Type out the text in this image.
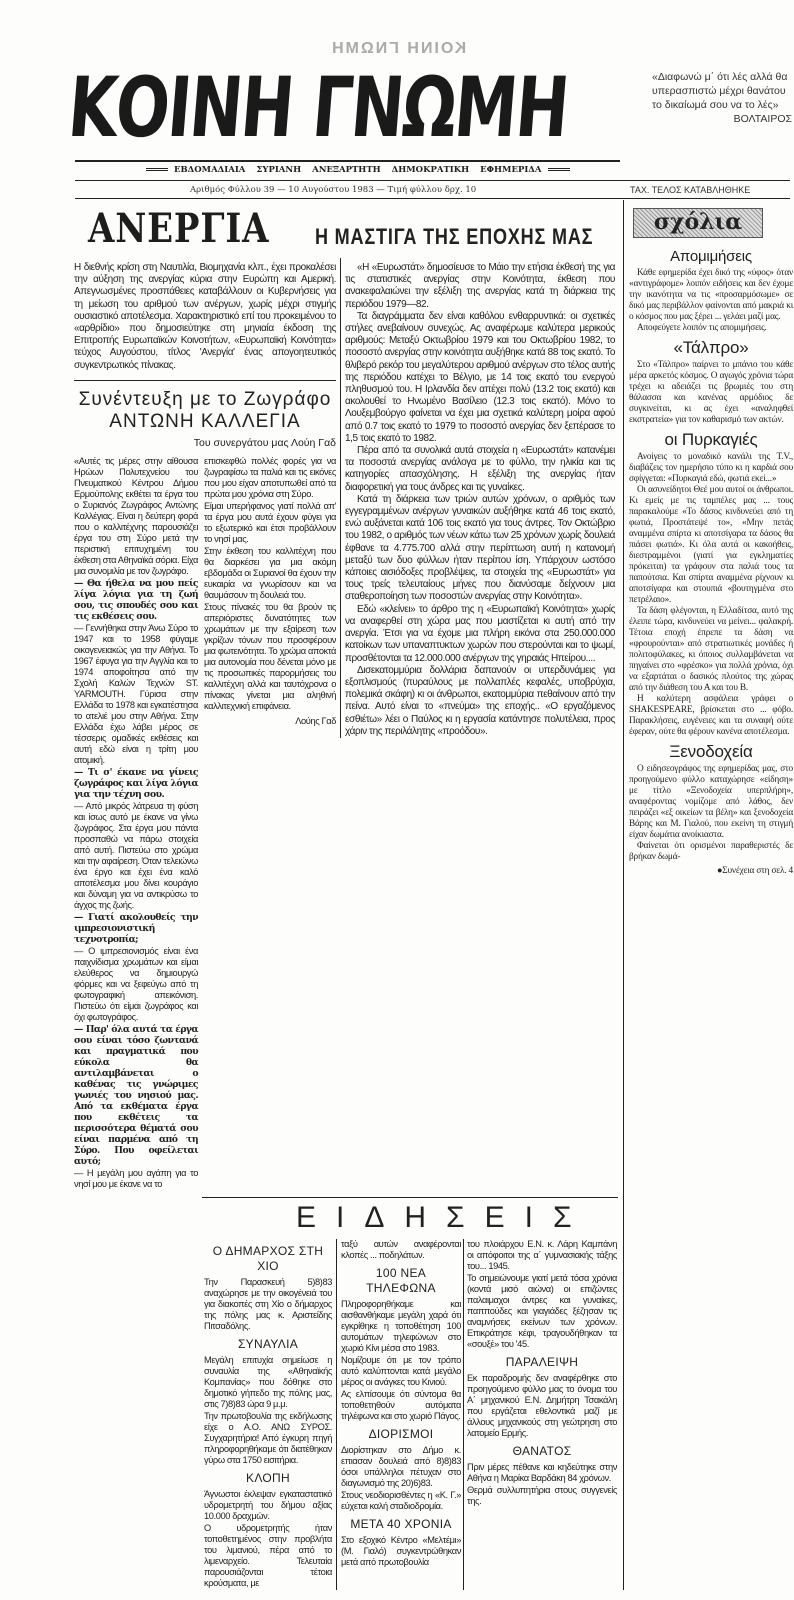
ΚΟΙΝΗ ΓΝΩΜΗ
ΚΟΙΝΗ ΓΝΩΜΗ	«Διαφωνώ μ΄ ότι λές αλλά θα υπερασπιστώ μέχρι θανάτου το δικαίωμά σου να το λές»
ΒΟΛΤΑΙΡΟΣ
ΕΒΔΟΜΑΔΙΑΙΑ ΣΥΡΙΑΝΗ ΑΝΕΞΑΡΤΗΤΗ ΔΗΜΟΚΡΑΤΙΚΗ ΕΦΗΜΕΡΙΔΑ
Αριθμός Φύλλου 39 — 10 Αυγούστου 1983 — Τιμή φύλλου δρχ. 10	ΤΑΧ. ΤΕΛΟΣ ΚΑΤΑΒΛΗΘΗΚΕ
ΑΝΕΡΓΙΑ Η ΜΑΣΤΙΓΑ ΤΗΣ ΕΠΟΧΗΣ ΜΑΣ

Η διεθνής κρίση στη Ναυτιλία, Βιομηχανία κλπ., έχει προκαλέσει την αύξηση της ανεργίας κύρια στην Ευρώπη και Αμερική. Απεγνωσμένες προσπάθειες καταβάλλουν οι Κυβερνήσεις για τη μείωση του αριθμού των ανέργων, χωρίς μέχρι στιγμής ουσιαστικό αποτέλεσμα. Χαρακτηριστικό επί του προκειμένου το «αρθρίδιο» που δημοσιεύτηκε στη μηνιαία έκδοση της Επιτροπής Ευρωπαϊκών Κοινοτήτων, «Ευρωπαϊκή Κοινότητα» τεύχος Αυγούστου, τίτλος 'Ανεργία' ένας απογοητευτικός συγκεντρωτικός πίνακας.

Συνέντευξη με το Ζωγράφο
ΑΝΤΩΝΗ ΚΑΛΛΕΓΙΑ
Του συνεργάτου μας Λούη Γαδ

«Αυτές τις μέρες στην αίθουσα Ηρώων Πολυτεχνείου του Πνευματικού Κέντρου Δήμου Ερμούπολης εκθέτει τα έργα του ο Συριανός Ζωγράφος Αντώνης Καλλέγιας. Είναι η δεύτερη φορά που ο καλλιτέχνης παρουσιάζει έργα του στη Σύρο μετά την περιστική επιτυχημένη του έκθεση στα Αθηναϊκά σόρια. Είχα μια συνομιλία με τον ζωγράφο.

— Θα ήθελα να μου πείς λίγα λόγια για τη ζωή σου, τις σπουδές σου και τις εκθέσεις σου.

— Γεννήθηκα στην Άνω Σύρο το 1947 και το 1958 φύγαμε οικογενειακώς για την Αθήνα. Το 1967 έφυγα για την Αγγλία και το 1974 αποφοίτησα από την Σχολή Καλών Τεχνών ST. YARMOUTH. Γύρισα στην Ελλάδα το 1978 και εγκατέστησα το ατελιέ μου στην Αθήνα. Στην Ελλάδα έχω λάβει μέρος σε τέσσερις ομαδικές εκθέσεις και αυτή εδώ είναι η τρίτη μου ατομική.

— Τι σ' έκανε να γίνεις ζωγράφος και λίγα λόγια για την τέχνη σου.

— Από μικρός λάτρευα τη φύση και ίσως αυτό με έκανε να γίνω ζωγράφος. Στα έργα μου πάντα προσπαθώ να πάρω στοιχεία από αυτή. Πιστεύω στο χρώμα και την αφαίρεση. Όταν τελειώνω ένα έργο και έχει ένα καλό αποτέλεσμα μου δίνει κουράγιο και δύναμη για να αντικρύσω το άγχος της ζωής.

— Γιατί ακολουθείς την ιμπρεσιονιστική τεχνοτροπία;

— Ο ιμπρεσιονισμός είναι ένα παιχνίδισμα χρωμάτων και είμαι ελεύθερος να δημιουργώ φόρμες και να ξεφεύγω από τη φωτογραφική απεικόνιση. Πιστεύω ότι είμαι ζωγράφος και όχι φωτογράφος.

— Παρ' όλα αυτά τα έργα σου είναι τόσο ζωντανά και πραγματικά που εύκολα θα αντιλαμβάνεται ο καθένας τις γνώριμες γωνιές του νησιού μας. Από τα εκθέματα έργα που εκθέτεις τα περισσότερα θέματά σου είναι παρμένα από τη Σύρο. Που οφείλεται αυτό;

— Η μεγάλη μου αγάπη για το νησί μου με έκανε να το

επισκεφθώ πολλές φορές για να ζωγραφίσω τα παλιά και τις εικόνες που μου είχαν αποτυπωθεί από τα πρώτα μου χρόνια στη Σύρο.

Είμαι υπερήφανος γιατί πολλά απ' τα έργα μου αυτά έχουν φύγει για το εξωτερικό και έτσι προβάλλουν το νησί μας.

Στην έκθεση του καλλιτέχνη που θα διαρκέσει για μια ακόμη εβδομάδα οι Συριανοί θα έχουν την ευκαιρία να γνωρίσουν και να θαυμάσουν τη δουλειά του.

Στους πίνακές του θα βρούν τις απεριόριστες δυνατότητες των χρωμάτων με την εξαίρεση των γκρίζων τόνων που προσφέρουν μια φωτεινότητα. Το χρώμα αποκτά μια αυτονομία που δένεται μόνο με τις προσωπικές παρορμήσεις του καλλιτέχνη αλλά και ταυτόχρονα ο πίνακας γίνεται μια αληθινή καλλιτεχνική επιφάνεια.

Λούης Γαδ

«Η «Ευρωστάτ» δημοσίευσε το Μάιο την ετήσια έκθεσή της για τις στατιστικές ανεργίας στην Κοινότητα, έκθεση που ανακεφαλαιώνει την εξέλιξη της ανεργίας κατά τη διάρκεια της περιόδου 1979—82.

Τα διαγράμματα δεν είναι καθόλου ενθαρρυντικά: οι σχετικές στήλες ανεβαίνουν συνεχώς. Ας αναφέρωμε καλύτερα μερικούς αριθμούς: Μεταξύ Οκτωβρίου 1979 και του Οκτωβρίου 1982, το ποσοστό ανεργίας στην κοινότητα αυξήθηκε κατά 88 τοις εκατό. Το θλιβερό ρεκόρ του μεγαλύτερου αριθμού ανέργων στο τέλος αυτής της περιόδου κατέχει το Βέλγιο, με 14 τοις εκατό του ενεργού πληθυσμού του. Η Ιρλανδία δεν απέχει πολύ (13.2 τοις εκατό) και ακολουθεί το Ηνωμένο Βασίλειο (12.3 τοις εκατό). Μόνο το Λουξεμβούργο φαίνεται να έχει μια σχετικά καλύτερη μοίρα αφού από 0.7 τοις εκατό το 1979 το ποσοστό ανεργίας δεν ξεπέρασε το 1,5 τοις εκατό το 1982.

Πέρα από τα συνολικά αυτά στοιχεία η «Ευρωστάτ» κατανέμει τα ποσοστά ανεργίας ανάλογα με το φύλλο, την ηλικία και τις κατηγορίες απασχόλησης. Η εξέλιξη της ανεργίας ήταν διαφορετική για τους άνδρες και τις γυναίκες.

Κατά τη διάρκεια των τριών αυτών χρόνων, ο αριθμός των εγγεγραμμένων ανέργων γυναικών αυξήθηκε κατά 46 τοις εκατό, ενώ αυξάνεται κατά 106 τοις εκατό για τους άντρες. Τον Οκτώβριο του 1982, ο αριθμός των νέων κάτω των 25 χρόνων χωρίς δουλειά έφθανε τα 4.775.700 αλλά στην περίπτωση αυτή η κατανομή μεταξύ των δυο φύλλων ήταν περίπου ίση. Υπάρχουν ωστόσο κάποιες αισιόδοξες προβλέψεις, τα στοιχεία της «Ευρωστάτ» για τους τρείς τελευταίους μήνες που διανύσαμε δείχνουν μια σταθεροποίηση των ποσοστών ανεργίας στην Κοινότητα».

Εδώ «κλείνει» το άρθρο της η «Ευρωπαϊκή Κοινότητα» χωρίς να αναφερθεί στη χώρα μας που μαστίζεται κι αυτή από την ανεργία. Έτσι για να έχομε μια πλήρη εικόνα στα 250.000.000 κατοίκων των υπαναπτυκτων χωρών που στερούνται και το ψωμί, προσθέτονται τα 12.000.000 ανέργων της γηραιάς Ηπείρου....

Δισεκατομμύρια δολλάρια δαπανούν οι υπερδυνάμεις για εξοπλισμούς (πυραύλους με πολλαπλές κεφαλές, υποβρύχια, πολεμικά σκάφη) κι οι άνθρωποι, εκατομμύρια πεθαίνουν από την πείνα. Αυτό είναι το «πνεύμα» της εποχής.. «Ο εργαζόμενος εσθιέτω» λέει ο Παύλος κι η εργασία κατάντησε πολυτέλεια, προς χάριν της περιλάλητης «προόδου».

ΕΙΔΗΣΕΙΣ
Ο ΔΗΜΑΡΧΟΣ ΣΤΗ ΧΙΟ

Την Παρασκευή 5)8)83 αναχώρησε με την οικογένειά του για διακοπές στη Χίο ο δήμαρχος της πόλης μας κ. Αριστείδης Πιτσαδόλης.

ΣΥΝΑΥΛΙΑ

Μεγάλη επιτυχία σημείωσε η συναυλία της «Αθηναϊκής Κομπανίας» που δόθηκε στο δημοτικό γήπεδο της πόλης μας, στις 7)8)83 ώρα 9 μ.μ.

Την πρωτοβουλία της εκδήλωσης είχε ο Α.Ο. ΑΝΩ ΣΥΡΟΣ. Συγχαρητήρια! Από έγκυρη πηγή πληροφορηθήκαμε ότι διατέθηκαν γύρω στα 1750 εισιτήρια.

ΚΛΟΠΗ

Άγνωστοι έκλεψαν εγκαταστατικό υδρομετρητή του δήμου αξίας 10.000 δραχμών.

Ο υδρομετρητής ήταν τοποθετημένος στην προβλήτα του λιμανιού, πέρα από το λιμεναρχείο. Τελευταία παρουσιάζονται τέτοια κρούσματα, με

ταξύ αυτών αναφέρονται κλοπές ... ποδηλάτων.

100 ΝΕΑ ΤΗΛΕΦΩΝΑ

Πληροφορηθήκαμε και αισθανθήκαμε μεγάλη χαρά ότι εγκρίθηκε η τοποθέτηση 100 αυτομάτων τηλεφώνων στο χωριό Κίνι μέσα στο 1983.

Νομίζουμε ότι με τον τρόπο αυτό καλύπτονται κατά μεγάλο μέρος οι ανάγκες του Κινιού.

Ας ελπίσουμε ότι σύντομα θα τοποθετηθούν αυτόματα τηλέφωνα και στο χωριό Πάγος.

ΔΙΟΡΙΣΜΟΙ

Διορίστηκαν στο Δήμο κ. επιασαν δουλειά από 8)8)83 όσοι υπάλληλοι πέτυχαν στο διαγωνισμό της 20)6)83.

Στους νεοδιορισθέντες η «Κ. Γ.» εύχεται καλή σταδιοδρομία.

ΜΕΤΑ 40 ΧΡΟΝΙΑ

Στο εξοχικό Κέντρο «Μελτέμι» (Μ. Γιαλό) συγκεντρώθηκαν μετά από πρωτοβουλία

του πλοιάρχου Ε.Ν. κ. Λάρη Καμπάνη οι απόφοιτοι της α΄ γυμνασιακής τάξης του... 1945.

Το σημειώνουμε γιατί μετά τόσα χρόνια (κοντά μισό αιώνα) οι επιζώντες παλαιμαχοι άντρες και γυναίκες, παππούδες και γιαγιάδες ξέζησαν τις αναμνήσεις εκείνων των χρόνων. Επικράτησε κέφι, τραγουδήθηκαν τα «σουξέ» του '45.

ΠΑΡΑΛΕΙΨΗ

Εκ παραδρομής δεν αναφέρθηκε στο προηγούμενο φύλλο μας το όνομα του Α΄ μηχανικού Ε.Ν. Δημήτρη Τσακάλη που εργάζεται εθελοντικά μαζί με άλλους μηχανικούς στη γεώτρηση στο λατομείο Ερμής.

ΘΑΝΑΤΟΣ

Πριν μέρες πέθανε και κηδεύτηκε στην Αθήνα η Μαρίκα Βαρδάκη 84 χρόνων.

Θερμά συλλυπητήρια στους συγγενείς της.

σχόλια
Απομιμήσεις

Κάθε εφημερίδα έχει δικό της «ύφος» όταν «αντιγράφομε» λοιπόν ειδήσεις και δεν έχομε την ικανότητα να τις «προσαρμόσωμε» σε δικό μας περιβάλλον φαίνονται από μακριά κι ο κόσμος που μας ξέρει ... γελάει μαζί μας.

Αποφεύγετε λοιπόν τις απομιμήσεις.

«Τάλπρο»

Στο «Τάλπρο» παίρνει το μπάνιο του κάθε μέρα αρκετός κόσμος. Ο αγωγός χρόνια τώρα τρέχει κι αδειάζει τις βρωμιές του στη θάλασσα και κανένας αρμόδιος δε συγκινείται, κι ας έχει «αναληφθεί εκστρατεία» για τον καθαρισμό των ακτών.

οι Πυρκαγιές

Ανοίγεις το μοναδικό κανάλι της T.V., διαβάζεις τον ημερήσιο τύπο κι η καρδιά σου σφίγγεται: «Πυρκαγιά εδώ, φωτιά εκεί...»

Οι ασυνείδητοι Θεέ μου αυτοί οι άνθρωποι. Κι εμείς με τις ταμπέλες μας ... τους παρακαλούμε «Το δάσος κινδυνεύει από τη φωτιά, Προστάτεψέ το», «Μην πετάς αναμμένα σπίρτα κι αποτσίγαρα τα δάσος θα πιάσει φωτιά». Κι όλα αυτά οι κακοήθεις, διεστραμμένοι (γιατί για εγκληματίες πρόκειται) τα γράφουν στα παλιά τους τα παπούτσια. Και σπίρτα αναμμένα ρίχνουν κι αποτσίγαρα και στουπιά «βουτηγμένα στο πετρέλαιο».

Τα δάση φλέγονται, η Ελλαδίτσα, αυτό της έλειπε τώρα, κινδυνεύει να μείνει... φαλακρή. Τέτοια εποχή έπρεπε τα δάση να «φρουρούνται» από στρατιωτικές μονάδες ή πολιτοφύλακες, κι όποιος συλλαμβάνεται να πηγαίνει στο «φρέσκο» για πολλά χρόνια, όχι να εξαρτάται ο δασικός πλούτος της χώρας από την διάθεση του Α και του Β.

Η καλύτερη ασφάλεια γράφει ο SHAKESPEARE, βρίσκεται στο ... φόβο. Παρακλήσεις, ευγένειες και τα συναφή ούτε έφεραν, ούτε θα φέρουν κανένα αποτέλεσμα.

Ξενοδοχεία

Ο ειδησεογράφος της εφημερίδας μας, στο προηγούμενο φύλλο καταχώρησε «είδηση» με τίτλο «Ξενοδοχεία υπερπλήρη», αναφέροντας νομίζομε από λάθος, δεν πειράζει «εξ οικείων τα βέλη» και ξενοδοχεία Βάρης και Μ. Γιαλού, που εκείνη τη στιγμή είχαν δωμάτια ανοίκιαστα.

Φαίνεται ότι ορισμένοι παραθεριστές δε βρήκαν δωμά-

●Συνέχεια στη σελ. 4
